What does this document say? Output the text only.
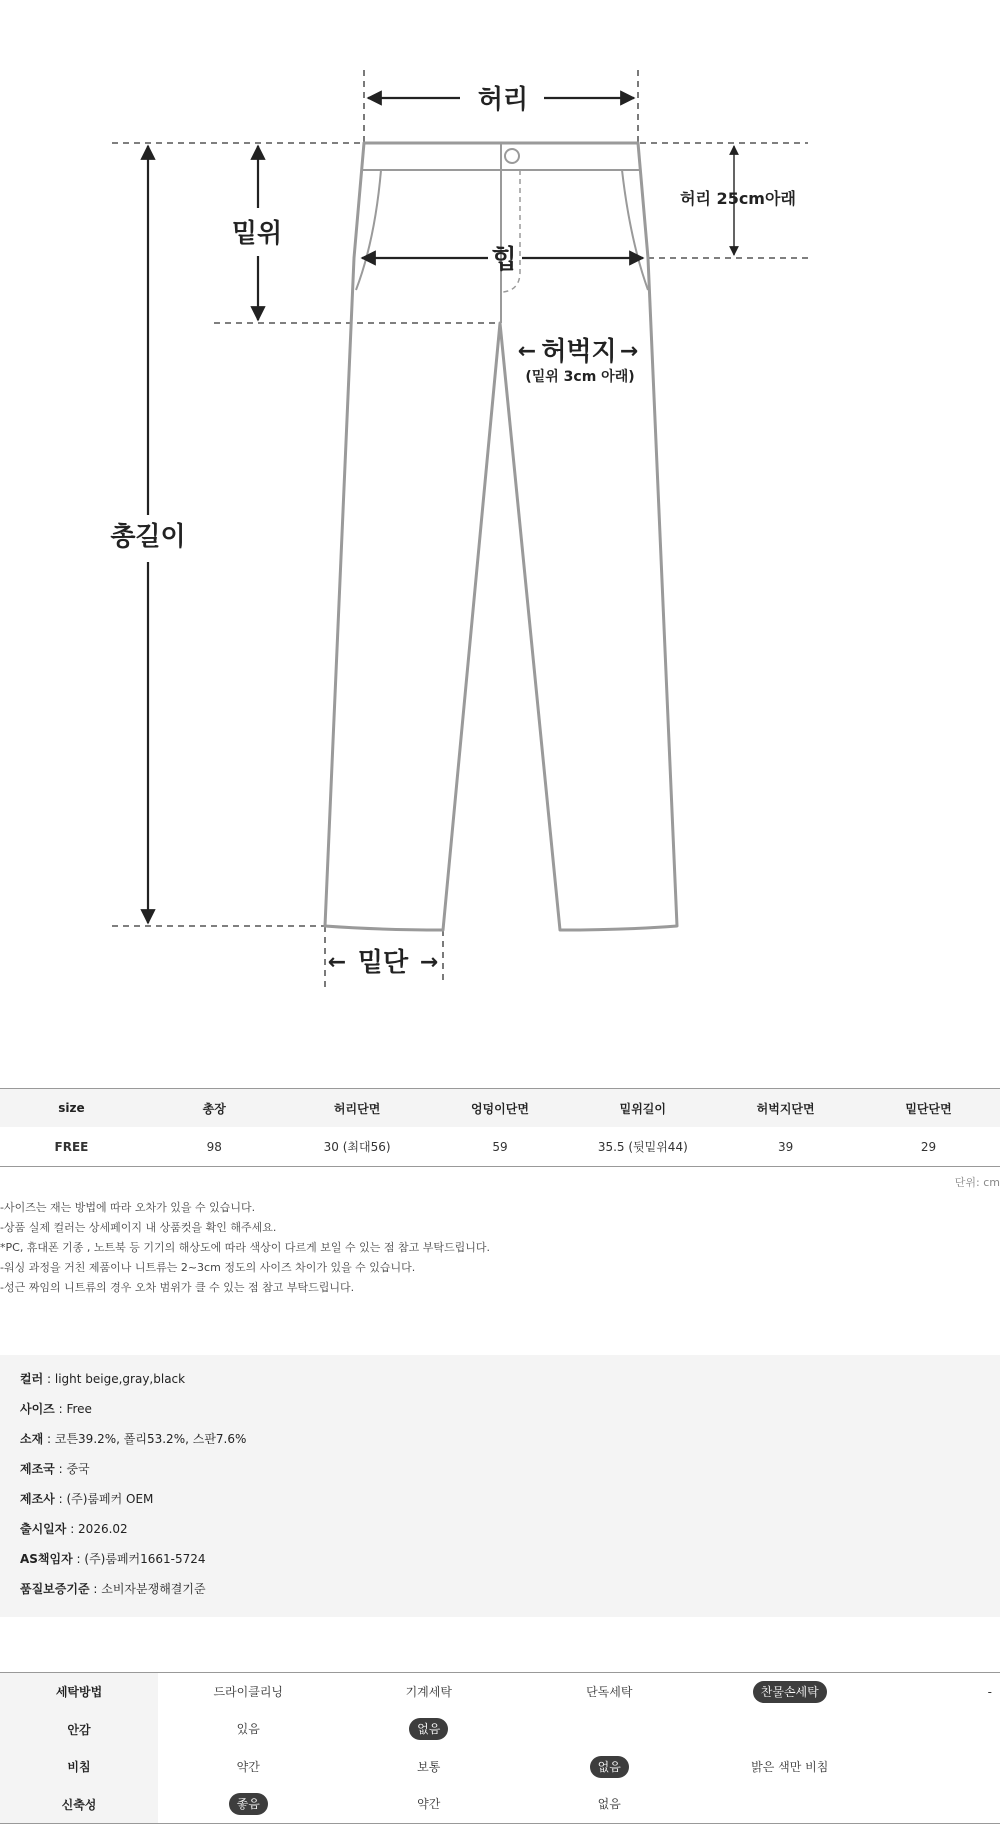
허리
밑위
힙
허리 25cm아래
← 허벅지 →
(밑위 3cm 아래)
총길이
← 밑단 →
size	총장	허리단면	엉덩이단면	밑위길이	허벅지단면	밑단단면
FREE	98	30 (최대56)	59	35.5 (뒷밑위44)	39	29
단위: cm
-사이즈는 재는 방법에 따라 오차가 있을 수 있습니다.
-상품 실제 컬러는 상세페이지 내 상품컷을 확인 해주세요.
*PC, 휴대폰 기종 , 노트북 등 기기의 해상도에 따라 색상이 다르게 보일 수 있는 점 참고 부탁드립니다.
-워싱 과정을 거친 제품이나 니트류는 2~3cm 정도의 사이즈 차이가 있을 수 있습니다.
-성근 짜임의 니트류의 경우 오차 범위가 클 수 있는 점 참고 부탁드립니다.
컬러 : light beige,gray,black
사이즈 : Free
소재 : 코튼39.2%, 폴리53.2%, 스판7.6%
제조국 : 중국
제조사 : (주)룸페커 OEM
출시일자 : 2026.02
AS책임자 : (주)룸페커1661-5724
품질보증기준 : 소비자분쟁해결기준
세탁방법	드라이클리닝	기계세탁	단독세탁	찬물손세탁	-
안감	있음	없음			
비침	약간	보통	없음	밝은 색만 비침	
신축성	좋음	약간	없음		
